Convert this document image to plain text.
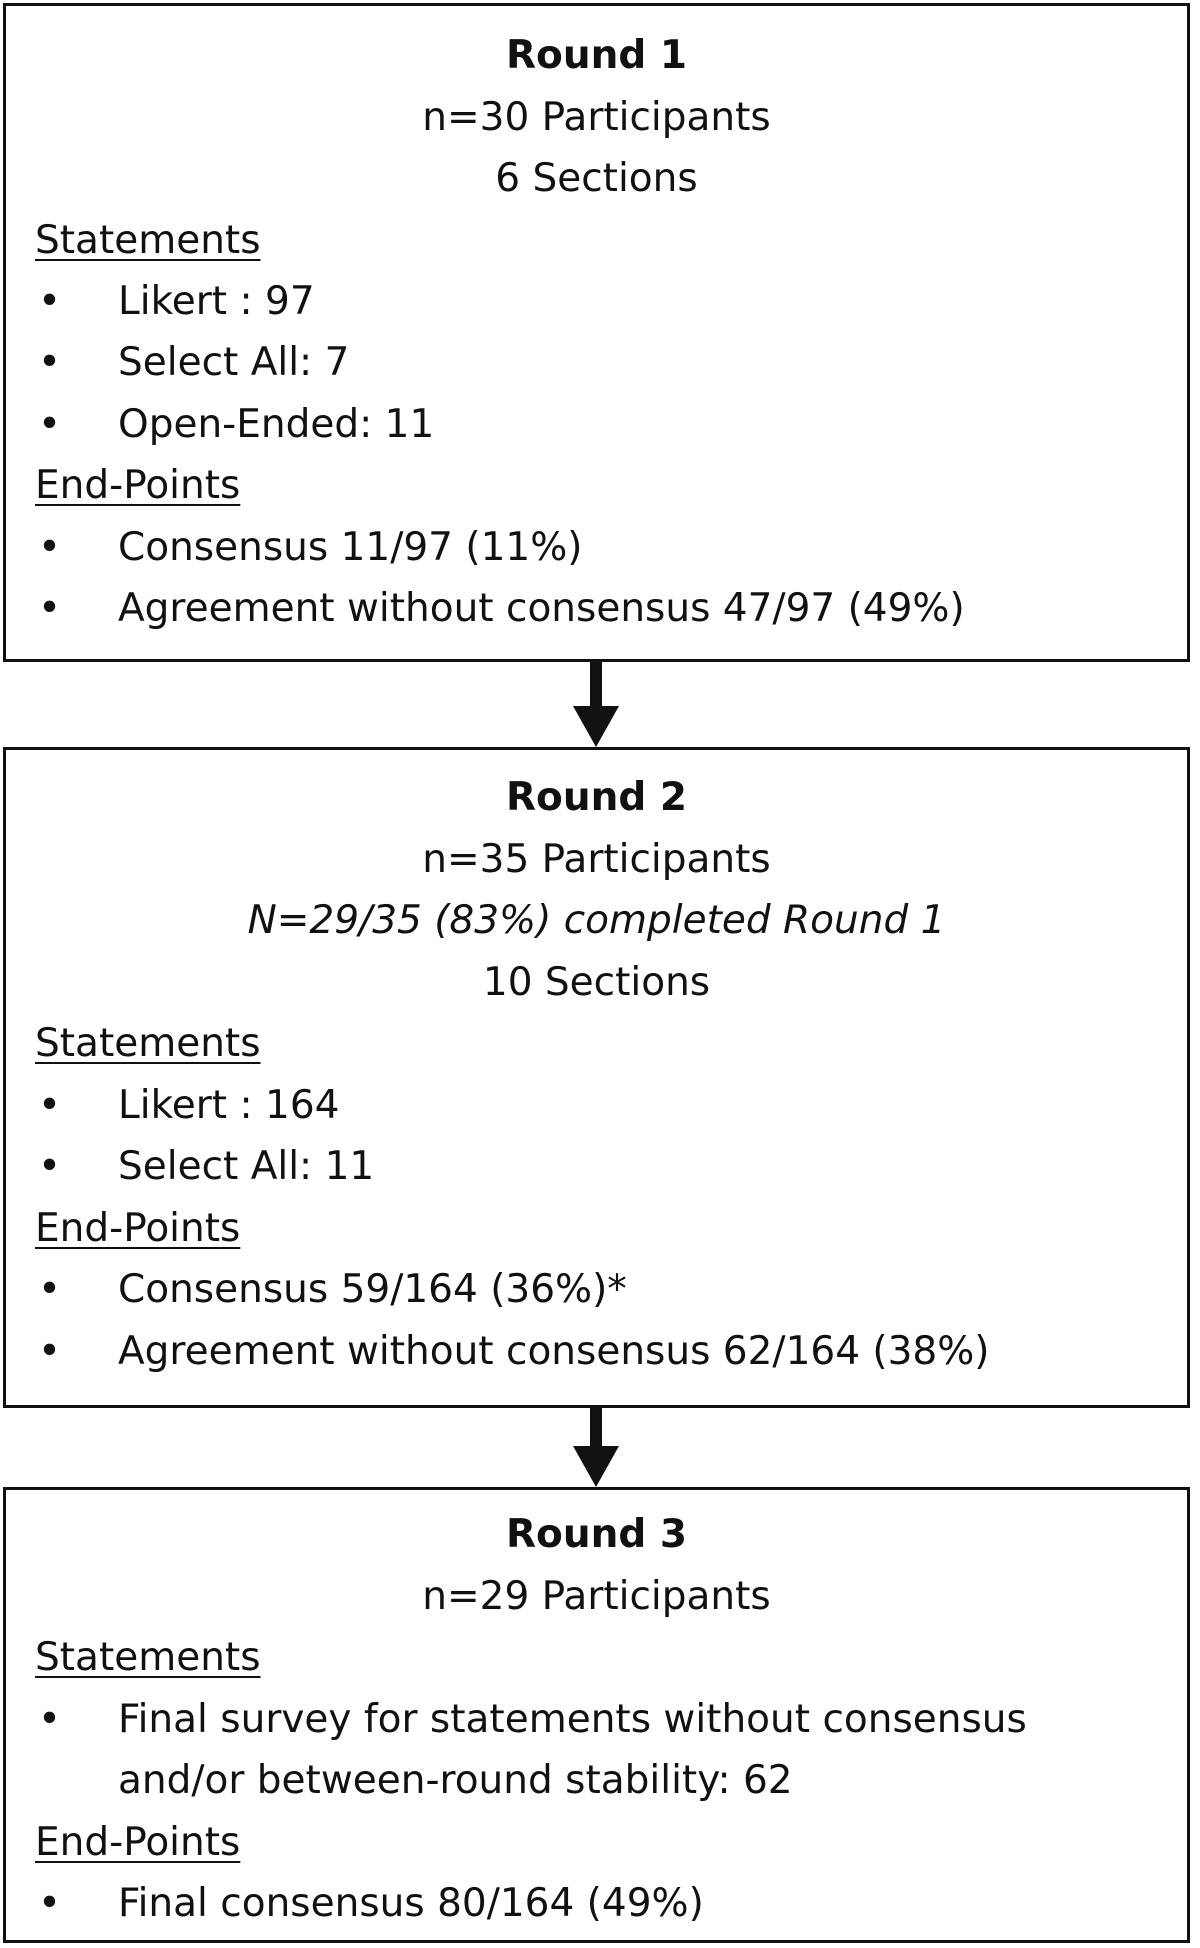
Round 1
n=30 Participants
6 Sections
Statements
• Likert : 97
• Select All: 7
• Open-Ended: 11
End-Points
• Consensus 11/97 (11%)
• Agreement without consensus 47/97 (49%)
Round 2
n=35 Participants
N=29/35 (83%) completed Round 1
10 Sections
Statements
• Likert : 164
• Select All: 11
End-Points
• Consensus 59/164 (36%)*
• Agreement without consensus 62/164 (38%)
Round 3
n=29 Participants
Statements
• Final survey for statements without consensus
and/or between-round stability: 62
End-Points
• Final consensus 80/164 (49%)
